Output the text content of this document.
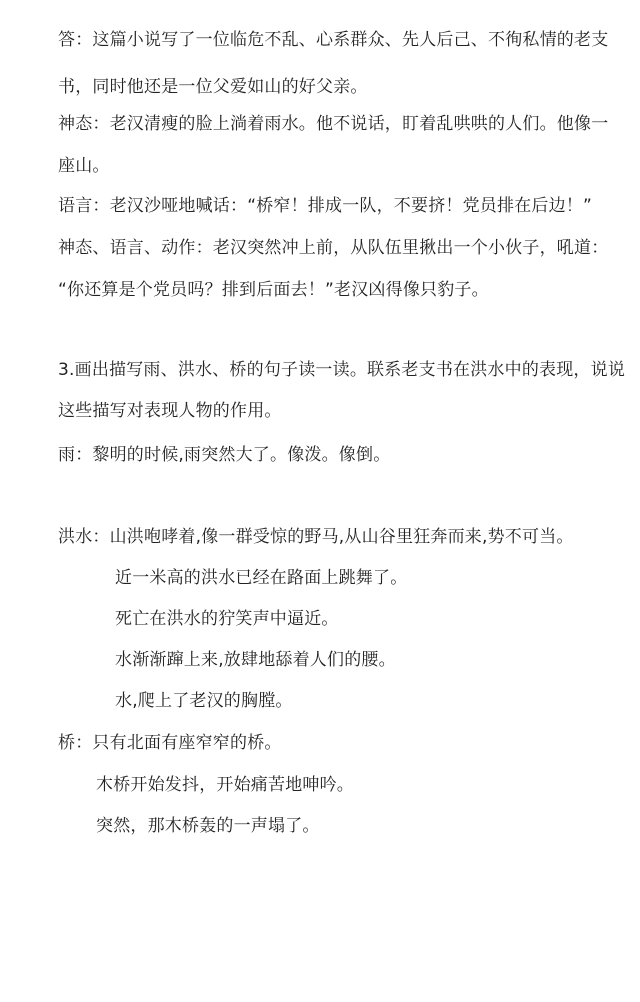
答：这篇小说写了一位临危不乱、心系群众、先人后己、不徇私情的老支
书，同时他还是一位父爱如山的好父亲。
神态：老汉清瘦的脸上淌着雨水。他不说话，盯着乱哄哄的人们。他像一
座山。
语言：老汉沙哑地喊话：“桥窄！排成一队，不要挤！党员排在后边！”
神态、语言、动作：老汉突然冲上前，从队伍里揪出一个小伙子，吼道：
“你还算是个党员吗？排到后面去！”老汉凶得像只豹子。
3.画出描写雨、洪水、桥的句子读一读。联系老支书在洪水中的表现，说说
这些描写对表现人物的作用。
雨：黎明的时候,雨突然大了。像泼。像倒。
洪水：山洪咆哮着,像一群受惊的野马,从山谷里狂奔而来,势不可当。
近一米高的洪水已经在路面上跳舞了。
死亡在洪水的狞笑声中逼近。
水渐渐蹿上来,放肆地舔着人们的腰。
水,爬上了老汉的胸膛。
桥：只有北面有座窄窄的桥。
木桥开始发抖，开始痛苦地呻吟。
突然，那木桥轰的一声塌了。
